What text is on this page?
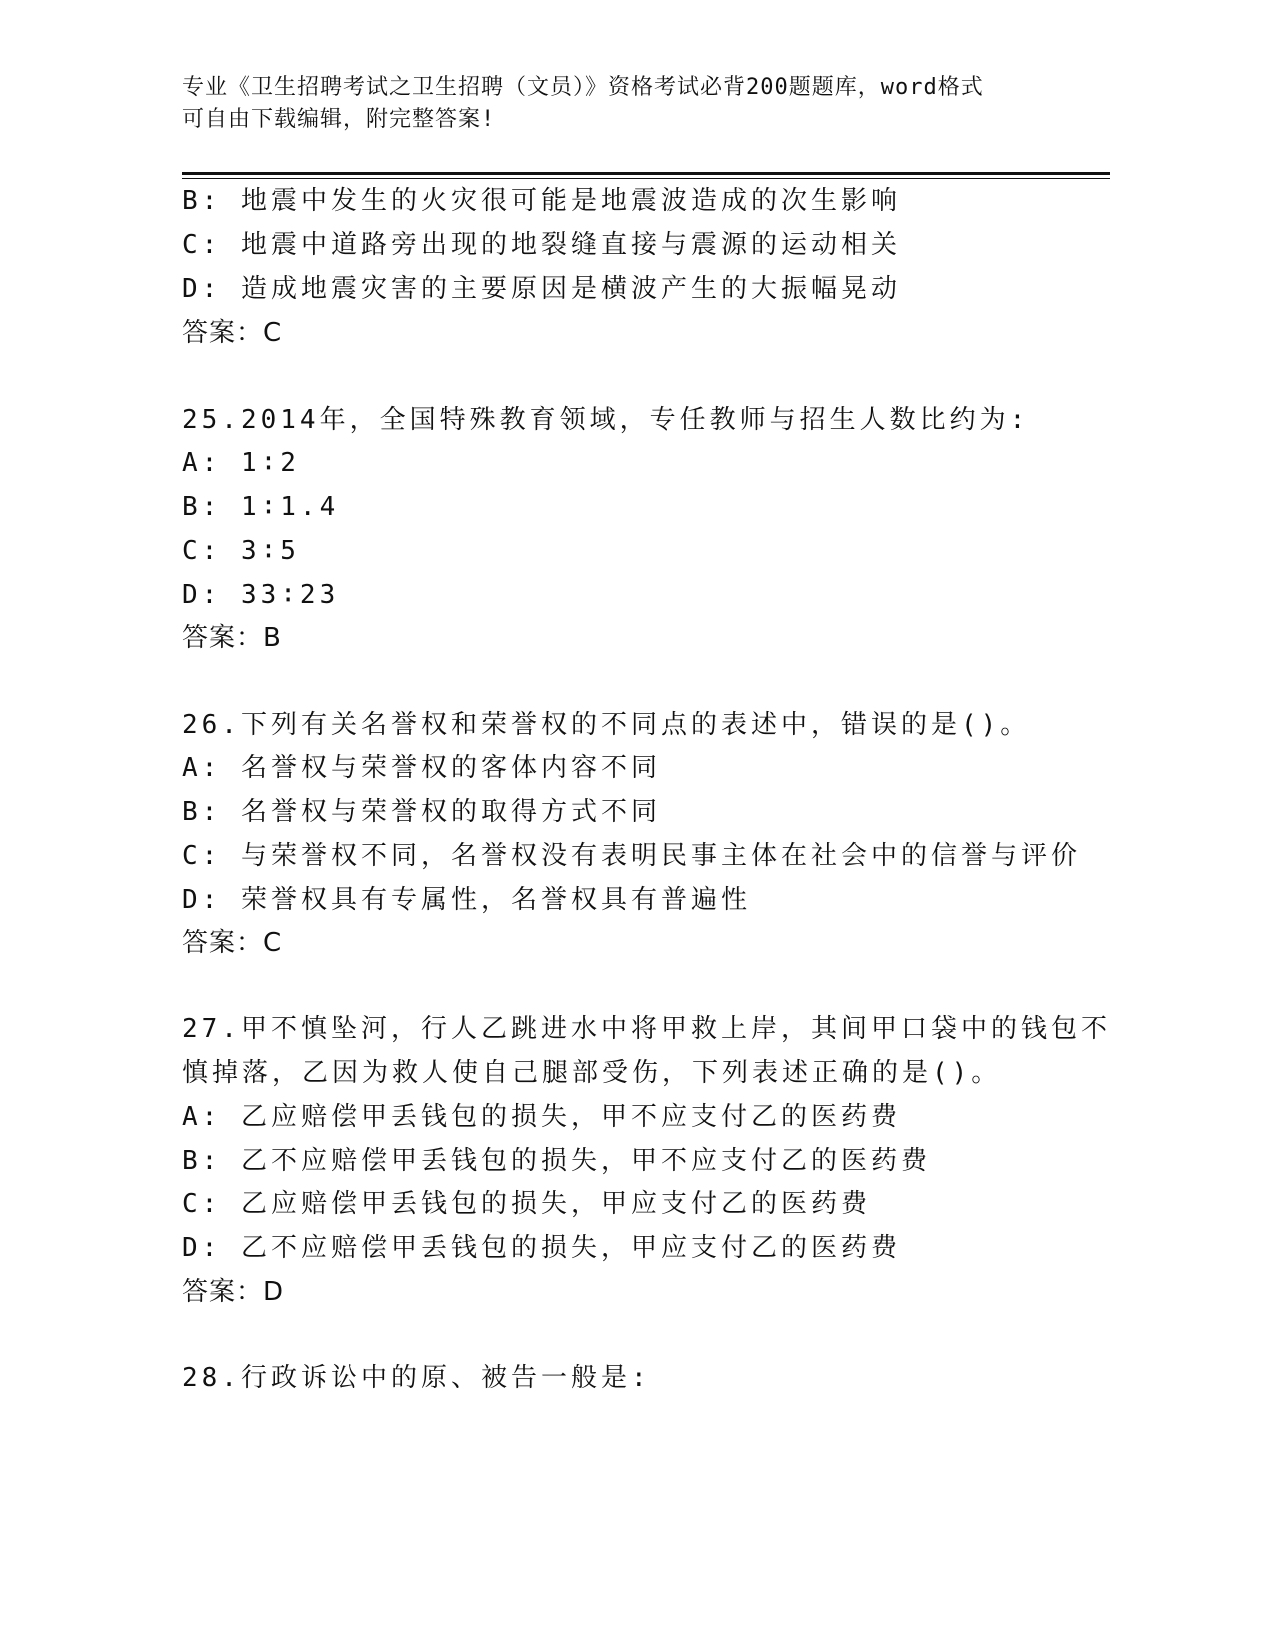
专业《卫生招聘考试之卫生招聘（文员）》资格考试必背200题题库，word格式
可自由下载编辑，附完整答案!
B: 地震中发生的火灾很可能是地震波造成的次生影响
C: 地震中道路旁出现的地裂缝直接与震源的运动相关
D: 造成地震灾害的主要原因是横波产生的大振幅晃动
答案：C
25.2014年，全国特殊教育领域，专任教师与招生人数比约为:
A: 1∶2
B: 1∶1.4
C: 3∶5
D: 33∶23
答案：B
26.下列有关名誉权和荣誉权的不同点的表述中，错误的是()。
A: 名誉权与荣誉权的客体内容不同
B: 名誉权与荣誉权的取得方式不同
C: 与荣誉权不同，名誉权没有表明民事主体在社会中的信誉与评价
D: 荣誉权具有专属性，名誉权具有普遍性
答案：C
27.甲不慎坠河，行人乙跳进水中将甲救上岸，其间甲口袋中的钱包不
慎掉落，乙因为救人使自己腿部受伤，下列表述正确的是()。
A: 乙应赔偿甲丢钱包的损失，甲不应支付乙的医药费
B: 乙不应赔偿甲丢钱包的损失，甲不应支付乙的医药费
C: 乙应赔偿甲丢钱包的损失，甲应支付乙的医药费
D: 乙不应赔偿甲丢钱包的损失，甲应支付乙的医药费
答案：D
28.行政诉讼中的原、被告一般是:
